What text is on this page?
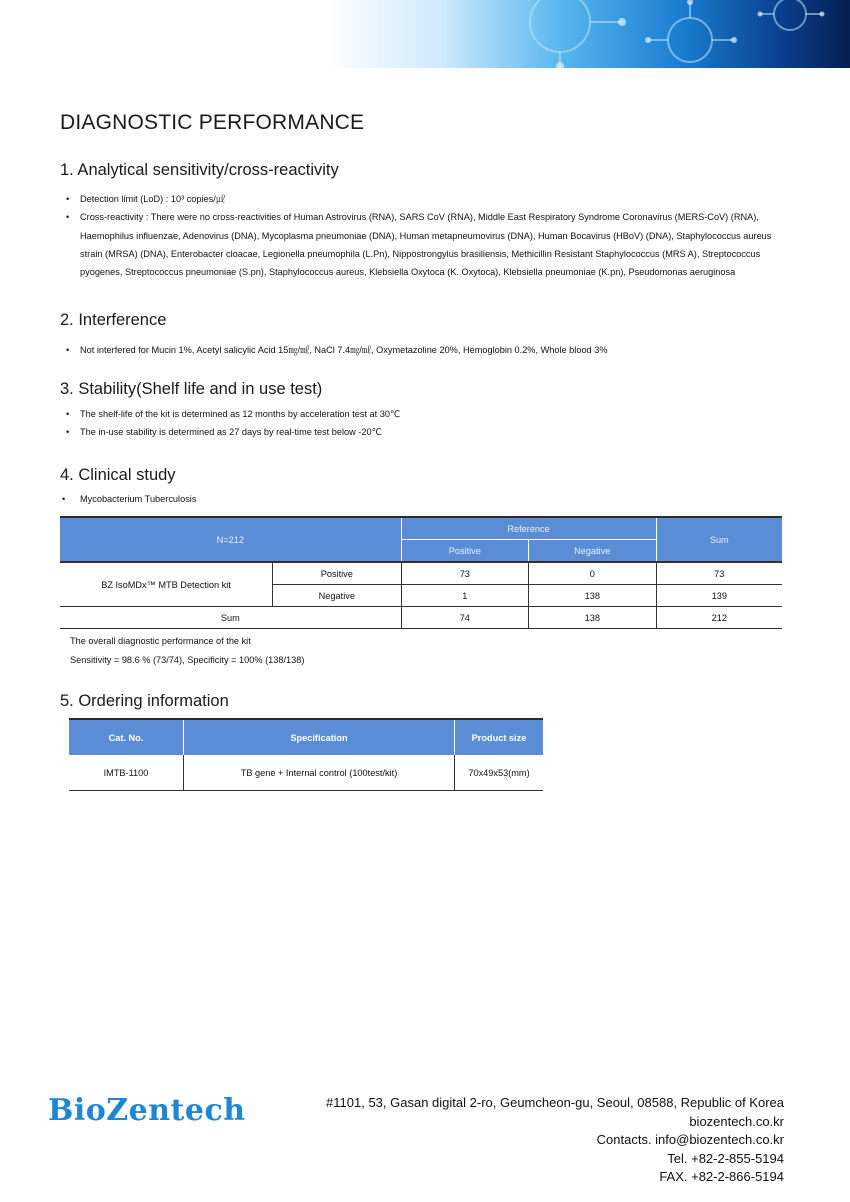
DIAGNOSTIC PERFORMANCE
1. Analytical sensitivity/cross-reactivity
• Detection limit (LoD) : 10³ copies/㎕
• Cross-reactivity : There were no cross-reactivities of Human Astrovirus (RNA), SARS CoV (RNA), Middle East Respiratory Syndrome Coronavirus (MERS-CoV) (RNA), Haemophilus influenzae, Adenovirus (DNA), Mycoplasma pneumoniae (DNA), Human metapneumovirus (DNA), Human Bocavirus (HBoV) (DNA), Staphylococcus aureus strain (MRSA) (DNA), Enterobacter cloacae, Legionella pneumophila (L.Pn), Nippostrongylus brasiliensis, Methicillin Resistant Staphylococcus (MRS A), Streptococcus pyogenes, Streptococcus pneumoniae (S.pn), Staphylococcus aureus, Klebsiella Oxytoca (K. Oxytoca), Klebsiella pneumoniae (K.pn), Pseudomonas aeruginosa
2. Interference
• Not interfered for Mucin 1%, Acetyl salicylic Acid 15㎎/㎖, NaCl 7.4㎎/㎖, Oxymetazoline 20%, Hemoglobin 0.2%, Whole blood 3%
3. Stability(Shelf life and in use test)
• The shelf-life of the kit is determined as 12 months by acceleration test at 30℃
• The in-use stability is determined as 27 days by real-time test below -20℃
4. Clinical study
• Mycobacterium Tuberculosis
N=212		Reference		Sum
		Positive	Negative	
BZ IsoMDx™ MTB Detection kit	Positive	73	0	73
	Negative	1	138	139
Sum		74	138	212
The overall diagnostic performance of the kit
Sensitivity = 98.6 % (73/74), Specificity = 100% (138/138)
5. Ordering information
Cat. No.	Specification	Product size
IMTB-1100	TB gene + Internal control (100test/kit)	70x49x53(mm)
BioZentech	#1101, 53, Gasan digital 2-ro, Geumcheon-gu, Seoul, 08588, Republic of Korea
biozentech.co.kr
Contacts. info@biozentech.co.kr
Tel. +82-2-855-5194
FAX. +82-2-866-5194
